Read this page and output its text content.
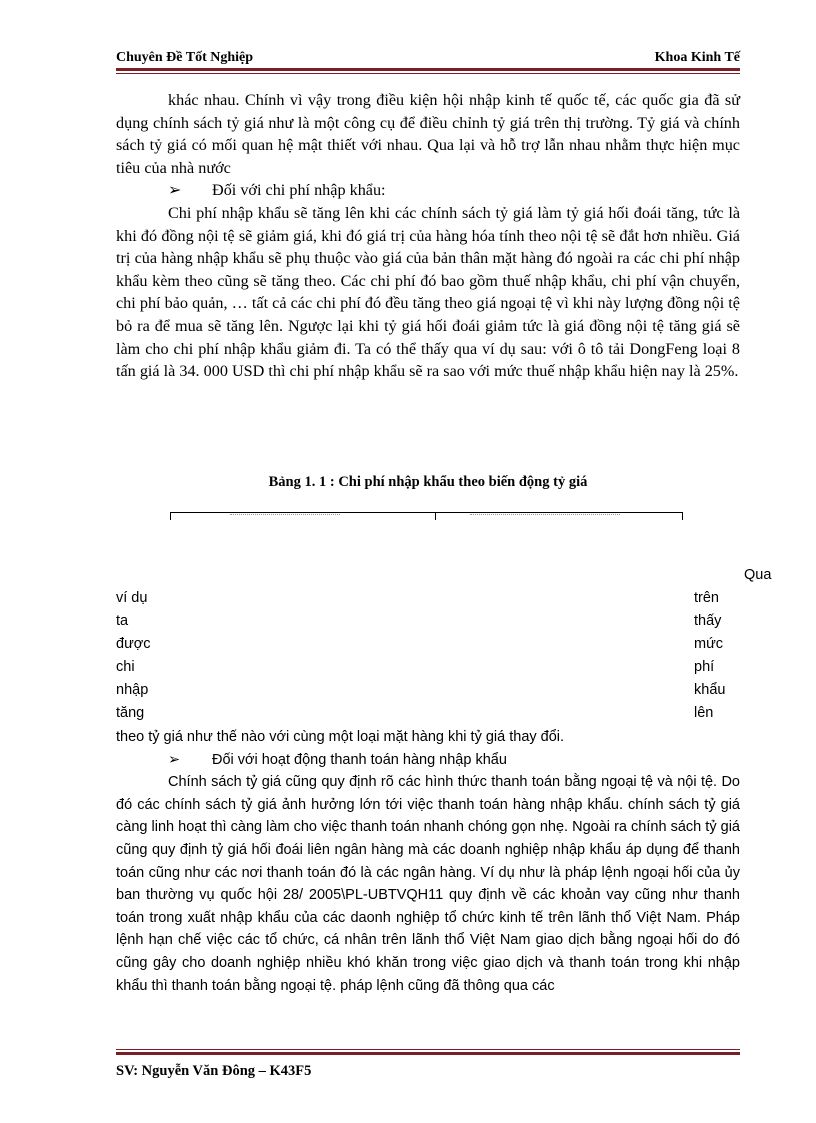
Chuyên Đề Tốt Nghiệp	Khoa Kinh Tế

khác nhau. Chính vì vậy trong điều kiện hội nhập kinh tế quốc tế, các quốc gia đã sử dụng chính sách tỷ giá như là một công cụ để điều chỉnh tỷ giá trên thị trường. Tỷ giá và chính sách tỷ giá có mối quan hệ mật thiết với nhau. Qua lại và hỗ trợ lẫn nhau nhằm thực hiện mục tiêu của nhà nước

➢ Đối với chi phí nhập khẩu:

Chi phí nhập khẩu sẽ tăng lên khi các chính sách tỷ giá làm tỷ giá hối đoái tăng, tức là khi đó đồng nội tệ sẽ giảm giá, khi đó giá trị của hàng hóa tính theo nội tệ sẽ đắt hơn nhiều. Giá trị của hàng nhập khẩu sẽ phụ thuộc vào giá của bản thân mặt hàng đó ngoài ra các chi phí nhập khẩu kèm theo cũng sẽ tăng theo. Các chi phí đó bao gồm thuế nhập khẩu, chi phí vận chuyển, chi phí bảo quản, … tất cả các chi phí đó đều tăng theo giá ngoại tệ vì khi này lượng đồng nội tệ bỏ ra để mua sẽ tăng lên. Ngược lại khi tỷ giá hối đoái giảm tức là giá đồng nội tệ tăng giá sẽ làm cho chi phí nhập khẩu giảm đi. Ta có thể thấy qua ví dụ sau: với ô tô tải DongFeng loại 8 tấn giá là 34. 000 USD thì chi phí nhập khẩu sẽ ra sao với mức thuế nhập khẩu hiện nay là 25%.

Bảng 1. 1 : Chi phí nhập khẩu theo biến động tỷ giá
Qua
ví dụ
ta
được
chi
nhập
tăng
trên
thấy
mức
phí
khẩu
lên

theo tỷ giá như thế nào với cùng một loại mặt hàng khi tỷ giá thay đổi.

➢ Đối với hoạt động thanh toán hàng nhập khẩu

Chính sách tỷ giá cũng quy định rõ các hình thức thanh toán bằng ngoại tệ và nội tệ. Do đó các chính sách tỷ giá ảnh hưởng lớn tới việc thanh toán hàng nhập khẩu. chính sách tỷ giá càng linh hoạt thì càng làm cho việc thanh toán nhanh chóng gọn nhẹ. Ngoài ra chính sách tỷ giá cũng quy định tỷ giá hối đoái liên ngân hàng mà các doanh nghiệp nhập khẩu áp dụng để thanh toán cũng như các nơi thanh toán đó là các ngân hàng. Ví dụ như là pháp lệnh ngoại hối của ủy ban thường vụ quốc hội 28/ 2005\PL-UBTVQH11 quy định về các khoản vay cũng như thanh toán trong xuất nhập khẩu của các daonh nghiệp tổ chức kinh tế trên lãnh thổ Việt Nam. Pháp lệnh hạn chế việc các tổ chức, cá nhân trên lãnh thổ Việt Nam giao dịch bằng ngoại hối do đó cũng gây cho doanh nghiệp nhiều khó khăn trong việc giao dịch và thanh toán trong khi nhập khẩu thì thanh toán bằng ngoại tệ. pháp lệnh cũng đã thông qua các

SV: Nguyễn Văn Đông – K43F5
